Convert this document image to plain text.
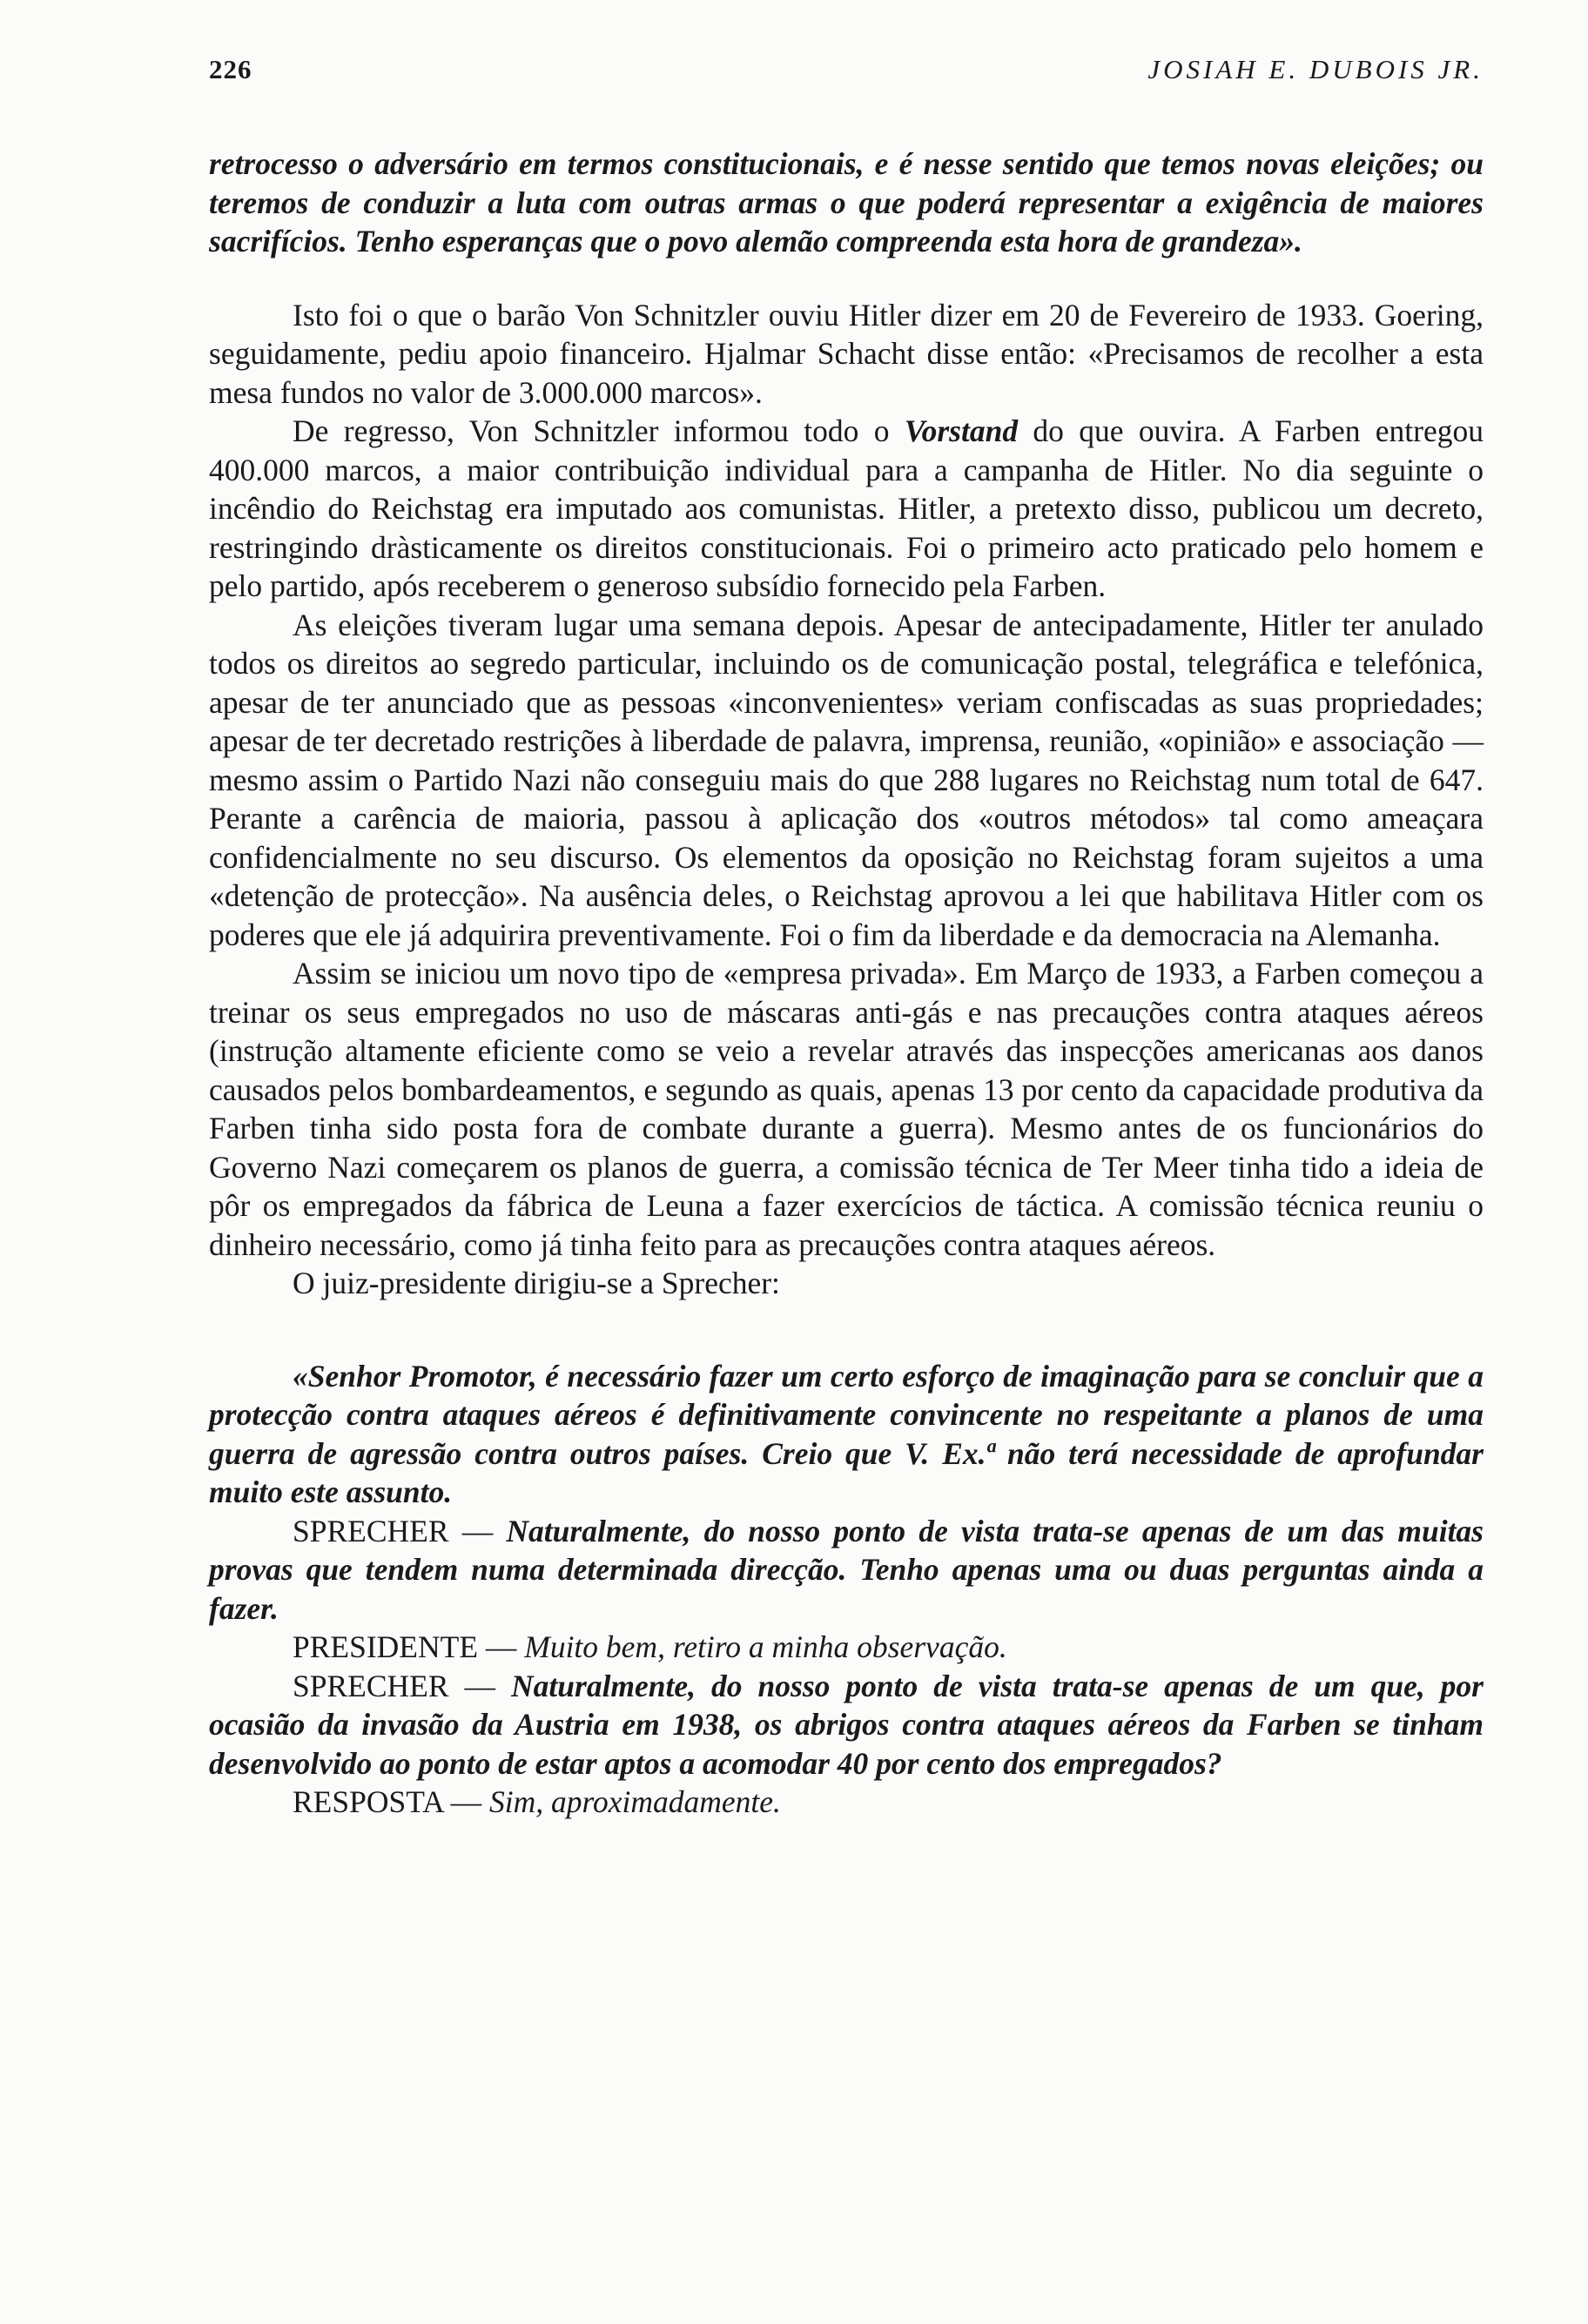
226	JOSIAH E. DUBOIS JR.

retrocesso o adversário em termos constitucionais, e é nesse sentido que temos novas eleições; ou teremos de conduzir a luta com outras armas o que poderá representar a exigência de maiores sacrifícios. Tenho esperanças que o povo alemão compreenda esta hora de grandeza».

Isto foi o que o barão Von Schnitzler ouviu Hitler dizer em 20 de Fevereiro de 1933. Goering, seguidamente, pediu apoio financeiro. Hjalmar Schacht disse então: «Precisamos de recolher a esta mesa fundos no valor de 3.000.000 marcos».

De regresso, Von Schnitzler informou todo o Vorstand do que ouvira. A Farben entregou 400.000 marcos, a maior contribuição individual para a campanha de Hitler. No dia seguinte o incêndio do Reichstag era imputado aos comunistas. Hitler, a pretexto disso, publicou um decreto, restringindo dràsticamente os direitos constitucionais. Foi o primeiro acto praticado pelo homem e pelo partido, após receberem o generoso subsídio fornecido pela Farben.

As eleições tiveram lugar uma semana depois. Apesar de antecipadamente, Hitler ter anulado todos os direitos ao segredo particular, incluindo os de comunicação postal, telegráfica e telefónica, apesar de ter anunciado que as pessoas «inconvenientes» veriam confiscadas as suas propriedades; apesar de ter decretado restrições à liberdade de palavra, imprensa, reunião, «opinião» e associação — mesmo assim o Partido Nazi não conseguiu mais do que 288 lugares no Reichstag num total de 647. Perante a carência de maioria, passou à aplicação dos «outros métodos» tal como ameaçara confidencialmente no seu discurso. Os elementos da oposição no Reichstag foram sujeitos a uma «detenção de protecção». Na ausência deles, o Reichstag aprovou a lei que habilitava Hitler com os poderes que ele já adquirira preventivamente. Foi o fim da liberdade e da democracia na Alemanha.

Assim se iniciou um novo tipo de «empresa privada». Em Março de 1933, a Farben começou a treinar os seus empregados no uso de máscaras anti-gás e nas precauções contra ataques aéreos (instrução altamente eficiente como se veio a revelar através das inspecções americanas aos danos causados pelos bombardeamentos, e segundo as quais, apenas 13 por cento da capacidade produtiva da Farben tinha sido posta fora de combate durante a guerra). Mesmo antes de os funcionários do Governo Nazi começarem os planos de guerra, a comissão técnica de Ter Meer tinha tido a ideia de pôr os empregados da fábrica de Leuna a fazer exercícios de táctica. A comissão técnica reuniu o dinheiro necessário, como já tinha feito para as precauções contra ataques aéreos.

O juiz-presidente dirigiu-se a Sprecher:

«Senhor Promotor, é necessário fazer um certo esforço de imaginação para se concluir que a protecção contra ataques aéreos é definitivamente convincente no respeitante a planos de uma guerra de agressão contra outros países. Creio que V. Ex.ª não terá necessidade de aprofundar muito este assunto.

SPRECHER — Naturalmente, do nosso ponto de vista trata-se apenas de um das muitas provas que tendem numa determinada direcção. Tenho apenas uma ou duas perguntas ainda a fazer.

PRESIDENTE — Muito bem, retiro a minha observação.

SPRECHER — Naturalmente, do nosso ponto de vista trata-se apenas de um que, por ocasião da invasão da Austria em 1938, os abrigos contra ataques aéreos da Farben se tinham desenvolvido ao ponto de estar aptos a acomodar 40 por cento dos empregados?

RESPOSTA — Sim, aproximadamente.
